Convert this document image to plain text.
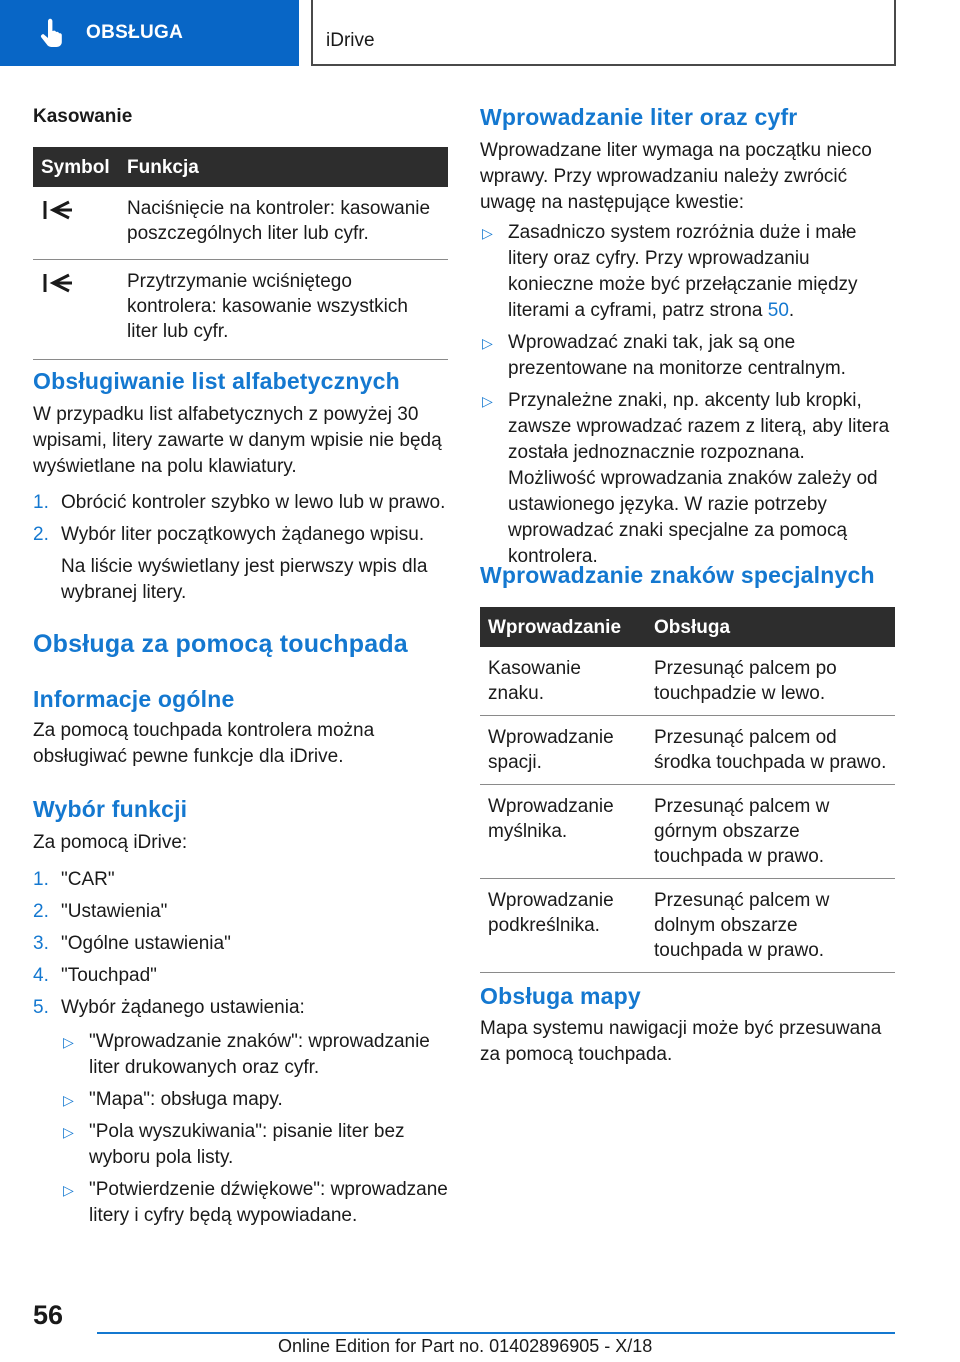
OBSŁUGA	iDrive
Kasowanie
Symbol	Funkcja
	Naciśnięcie na kontroler: kasowanie poszczególnych liter lub cyfr.
	Przytrzymanie wciśniętego kontrolera: kasowanie wszystkich liter lub cyfr.
Obsługiwanie list alfabetycznych
W przypadku list alfabetycznych z powyżej 30 wpisami, litery zawarte w danym wpisie nie będą wyświetlane na polu klawiatury.
1. Obrócić kontroler szybko w lewo lub w prawo.
2. Wybór liter początkowych żądanego wpisu.
Na liście wyświetlany jest pierwszy wpis dla wybranej litery.
Obsługa za pomocą touchpada
Informacje ogólne
Za pomocą touchpada kontrolera można obsługiwać pewne funkcje dla iDrive.
Wybór funkcji
Za pomocą iDrive:
1. "CAR"
2. "Ustawienia"
3. "Ogólne ustawienia"
4. "Touchpad"
5. Wybór żądanego ustawienia:
▷ "Wprowadzanie znaków": wprowadzanie liter drukowanych oraz cyfr.
▷ "Mapa": obsługa mapy.
▷ "Pola wyszukiwania": pisanie liter bez wyboru pola listy.
▷ "Potwierdzenie dźwiękowe": wprowadzane litery i cyfry będą wypowiadane.
Wprowadzanie liter oraz cyfr
Wprowadzane liter wymaga na początku nieco wprawy. Przy wprowadzaniu należy zwrócić uwagę na następujące kwestie:
▷ Zasadniczo system rozróżnia duże i małe litery oraz cyfry. Przy wprowadzaniu konieczne może być przełączanie między literami a cyframi, patrz strona 50.
▷ Wprowadzać znaki tak, jak są one prezentowane na monitorze centralnym.
▷ Przynależne znaki, np. akcenty lub kropki, zawsze wprowadzać razem z literą, aby litera została jednoznacznie rozpoznana. Możliwość wprowadzania znaków zależy od ustawionego języka. W razie potrzeby wprowadzać znaki specjalne za pomocą kontrolera.
Wprowadzanie znaków specjalnych
Wprowadzanie	Obsługa
Kasowanie znaku.	Przesunąć palcem po touchpadzie w lewo.
Wprowadzanie spacji.	Przesunąć palcem od środka touchpada w prawo.
Wprowadzanie myślnika.	Przesunąć palcem w górnym obszarze touchpada w prawo.
Wprowadzanie podkreślnika.	Przesunąć palcem w dolnym obszarze touchpada w prawo.
Obsługa mapy
Mapa systemu nawigacji może być przesuwana za pomocą touchpada.
56
Online Edition for Part no. 01402896905 - X/18
